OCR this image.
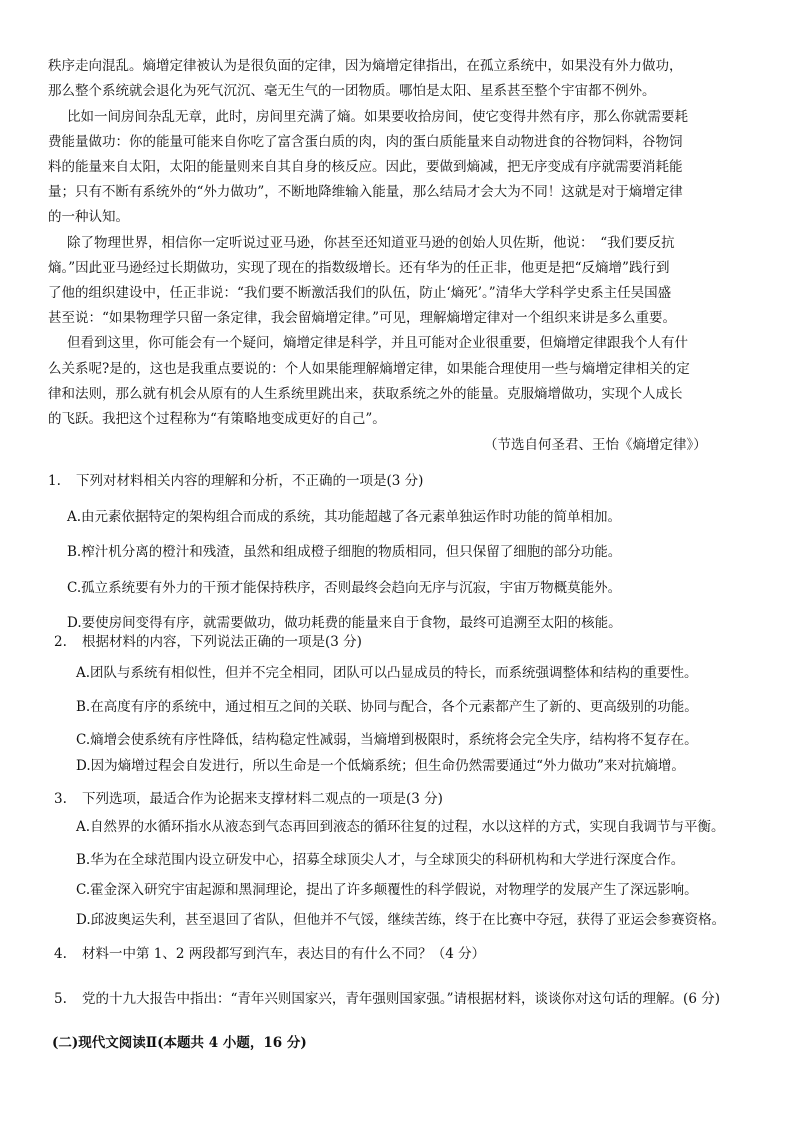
秩序走向混乱。熵增定律被认为是很负面的定律，因为熵增定律指出，在孤立系统中，如果没有外力做功，
那么整个系统就会退化为死气沉沉、毫无生气的一团物质。哪怕是太阳、星系甚至整个宇宙都不例外。
比如一间房间杂乱无章，此时，房间里充满了熵。如果要收拾房间，使它变得井然有序，那么你就需要耗
费能量做功：你的能量可能来自你吃了富含蛋白质的肉，肉的蛋白质能量来自动物进食的谷物饲料，谷物饲
料的能量来自太阳，太阳的能量则来自其自身的核反应。因此，要做到熵减，把无序变成有序就需要消耗能
量；只有不断有系统外的“外力做功”，不断地降维输入能量，那么结局才会大为不同！这就是对于熵增定律
的一种认知。
除了物理世界，相信你一定听说过亚马逊，你甚至还知道亚马逊的创始人贝佐斯，他说：　“我们要反抗
熵。”因此亚马逊经过长期做功，实现了现在的指数级增长。还有华为的任正非，他更是把“反熵增”践行到
了他的组织建设中，任正非说：“我们要不断激活我们的队伍，防止‘熵死’。”清华大学科学史系主任吴国盛
甚至说：“如果物理学只留一条定律，我会留熵增定律。”可见，理解熵增定律对一个组织来讲是多么重要。
但看到这里，你可能会有一个疑问，熵增定律是科学，并且可能对企业很重要，但熵增定律跟我个人有什
么关系呢?是的，这也是我重点要说的：个人如果能理解熵增定律，如果能合理使用一些与熵增定律相关的定
律和法则，那么就有机会从原有的人生系统里跳出来，获取系统之外的能量。克服熵增做功，实现个人成长
的飞跃。我把这个过程称为“有策略地变成更好的自己”。
（节选自何圣君、王怡《熵增定律》）
1. 下列对材料相关内容的理解和分析，不正确的一项是(3 分)
A.由元素依据特定的架构组合而成的系统，其功能超越了各元素单独运作时功能的简单相加。
B.榨汁机分离的橙汁和残渣，虽然和组成橙子细胞的物质相同，但只保留了细胞的部分功能。
C.孤立系统要有外力的干预才能保持秩序，否则最终会趋向无序与沉寂，宇宙万物概莫能外。
D.要使房间变得有序，就需要做功，做功耗费的能量来自于食物，最终可追溯至太阳的核能。
2. 根据材料的内容，下列说法正确的一项是(3 分)
A.团队与系统有相似性，但并不完全相同，团队可以凸显成员的特长，而系统强调整体和结构的重要性。
B.在高度有序的系统中，通过相互之间的关联、协同与配合，各个元素都产生了新的、更高级别的功能。
C.熵增会使系统有序性降低，结构稳定性减弱，当熵增到极限时，系统将会完全失序，结构将不复存在。
D.因为熵增过程会自发进行，所以生命是一个低熵系统；但生命仍然需要通过“外力做功”来对抗熵增。
3. 下列选项，最适合作为论据来支撑材料二观点的一项是(3 分)
A.自然界的水循环指水从液态到气态再回到液态的循环往复的过程，水以这样的方式，实现自我调节与平衡。
B.华为在全球范围内设立研发中心，招募全球顶尖人才，与全球顶尖的科研机构和大学进行深度合作。
C.霍金深入研究宇宙起源和黑洞理论，提出了许多颠覆性的科学假说，对物理学的发展产生了深远影响。
D.邱波奥运失利，甚至退回了省队，但他并不气馁，继续苦练，终于在比赛中夺冠，获得了亚运会参赛资格。
4. 材料一中第 1、2 两段都写到汽车，表达目的有什么不同？（4 分）
5. 党的十九大报告中指出：“青年兴则国家兴，青年强则国家强。”请根据材料，谈谈你对这句话的理解。(6 分)
(二)现代文阅读Ⅱ(本题共 4 小题，16 分)
